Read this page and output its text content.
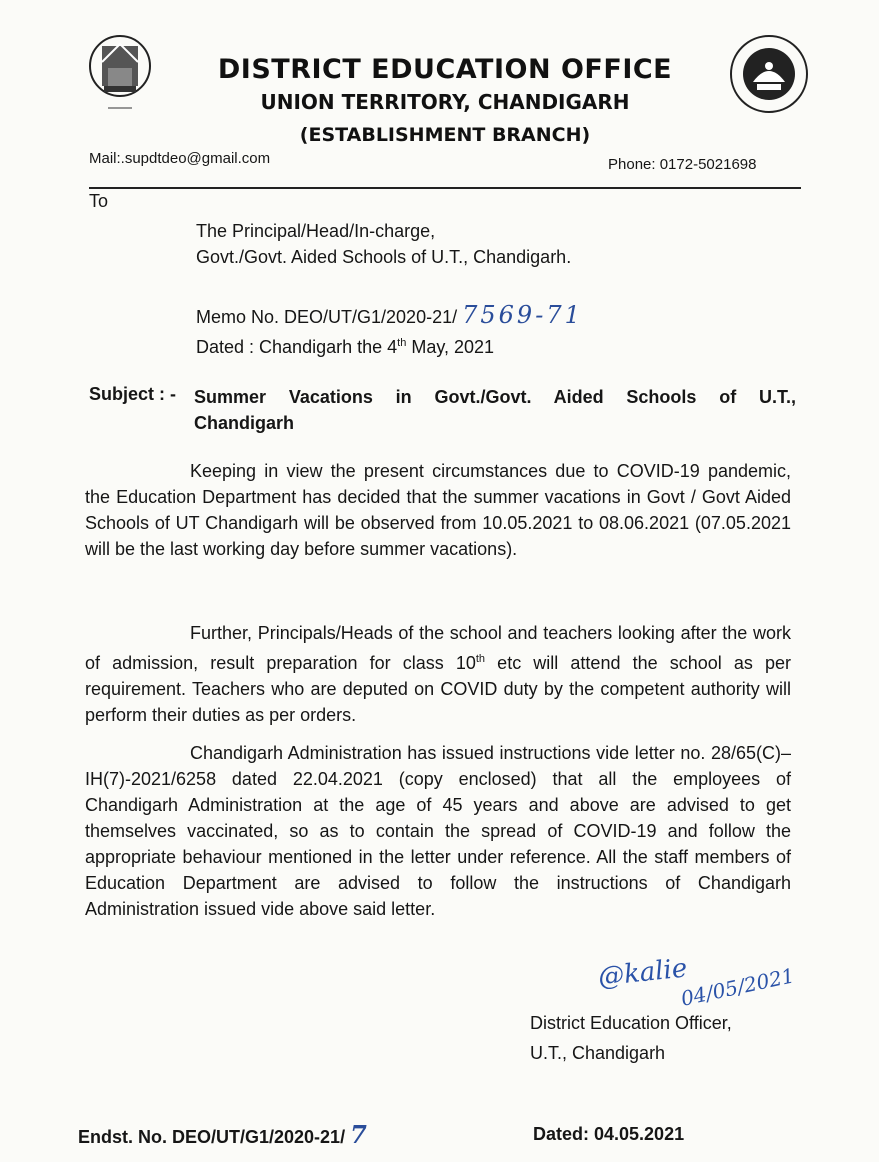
DISTRICT EDUCATION OFFICE
UNION TERRITORY, CHANDIGARH
(ESTABLISHMENT BRANCH)
Mail:.supdtdeo@gmail.com	Phone: 0172-5021698
To
The Principal/Head/In-charge,
Govt./Govt. Aided Schools of U.T., Chandigarh.
Memo No. DEO/UT/G1/2020-21/ 7569-71
Dated : Chandigarh the 4th May, 2021
Subject : - Summer Vacations in Govt./Govt. Aided Schools of U.T., Chandigarh
Keeping in view the present circumstances due to COVID-19 pandemic, the Education Department has decided that the summer vacations in Govt / Govt Aided Schools of UT Chandigarh will be observed from 10.05.2021 to 08.06.2021 (07.05.2021 will be the last working day before summer vacations).
Further, Principals/Heads of the school and teachers looking after the work of admission, result preparation for class 10th etc will attend the school as per requirement. Teachers who are deputed on COVID duty by the competent authority will perform their duties as per orders.
Chandigarh Administration has issued instructions vide letter no. 28/65(C)–IH(7)-2021/6258 dated 22.04.2021 (copy enclosed) that all the employees of Chandigarh Administration at the age of 45 years and above are advised to get themselves vaccinated, so as to contain the spread of COVID-19 and follow the appropriate behaviour mentioned in the letter under reference. All the staff members of Education Department are advised to follow the instructions of Chandigarh Administration issued vide above said letter.
@kalie
04/05/2021
District Education Officer,
U.T., Chandigarh
Endst. No. DEO/UT/G1/2020-21/ 7	Dated: 04.05.2021
